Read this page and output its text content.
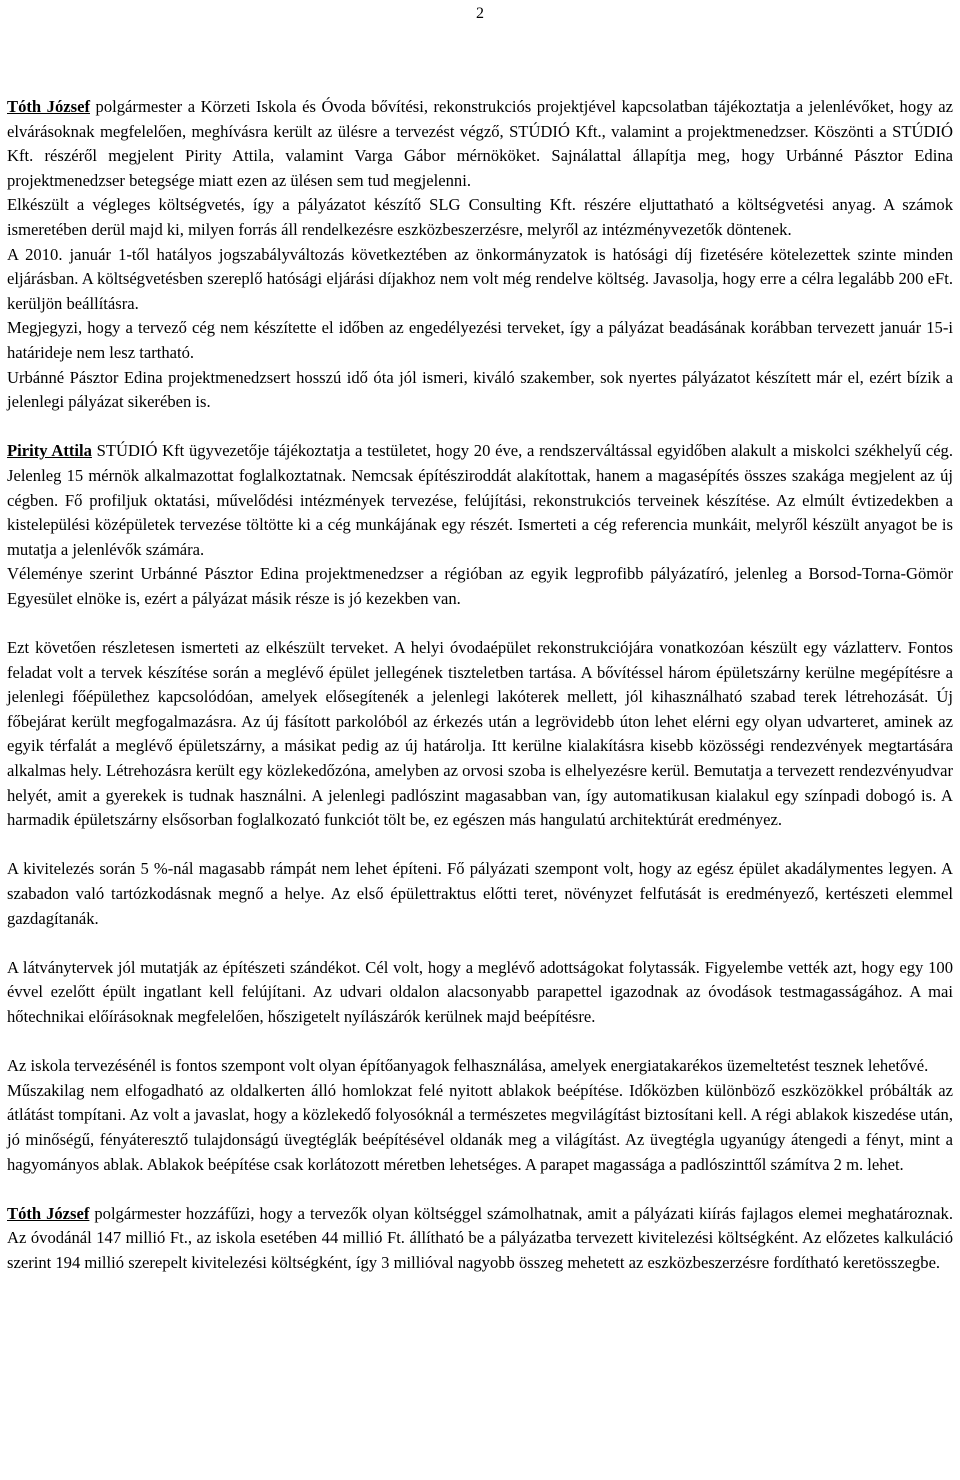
2

Tóth József polgármester a Körzeti Iskola és Óvoda bővítési, rekonstrukciós projektjével kapcsolatban tájékoztatja a jelenlévőket, hogy az elvárásoknak megfelelően, meghívásra került az ülésre a tervezést végző, STÚDIÓ Kft., valamint a projektmenedzser. Köszönti a STÚDIÓ Kft. részéről megjelent Pirity Attila, valamint Varga Gábor mérnököket. Sajnálattal állapítja meg, hogy Urbánné Pásztor Edina projektmenedzser betegsége miatt ezen az ülésen sem tud megjelenni.

Elkészült a végleges költségvetés, így a pályázatot készítő SLG Consulting Kft. részére eljuttatható a költségvetési anyag. A számok ismeretében derül majd ki, milyen forrás áll rendelkezésre eszközbeszerzésre, melyről az intézményvezetők döntenek.

A 2010. január 1-től hatályos jogszabályváltozás következtében az önkormányzatok is hatósági díj fizetésére kötelezettek szinte minden eljárásban. A költségvetésben szereplő hatósági eljárási díjakhoz nem volt még rendelve költség. Javasolja, hogy erre a célra legalább 200 eFt. kerüljön beállításra.

Megjegyzi, hogy a tervező cég nem készítette el időben az engedélyezési terveket, így a pályázat beadásának korábban tervezett január 15-i határideje nem lesz tartható.

Urbánné Pásztor Edina projektmenedzsert hosszú idő óta jól ismeri, kiváló szakember, sok nyertes pályázatot készített már el, ezért bízik a jelenlegi pályázat sikerében is.

Pirity Attila STÚDIÓ Kft ügyvezetője tájékoztatja a testületet, hogy 20 éve, a rendszerváltással egyidőben alakult a miskolci székhelyű cég. Jelenleg 15 mérnök alkalmazottat foglalkoztatnak. Nemcsak építésziroddát alakítottak, hanem a magasépítés összes szakága megjelent az új cégben. Fő profiljuk oktatási, művelődési intézmények tervezése, felújítási, rekonstrukciós terveinek készítése. Az elmúlt évtizedekben a kistelepülési középületek tervezése töltötte ki a cég munkájának egy részét. Ismerteti a cég referencia munkáit, melyről készült anyagot be is mutatja a jelenlévők számára.

Véleménye szerint Urbánné Pásztor Edina projektmenedzser a régióban az egyik legprofibb pályázatíró, jelenleg a Borsod-Torna-Gömör Egyesület elnöke is, ezért a pályázat másik része is jó kezekben van.

Ezt követően részletesen ismerteti az elkészült terveket. A helyi óvodaépület rekonstrukciójára vonatkozóan készült egy vázlatterv. Fontos feladat volt a tervek készítése során a meglévő épület jellegének tiszteletben tartása. A bővítéssel három épületszárny kerülne megépítésre a jelenlegi főépülethez kapcsolódóan, amelyek elősegítenék a jelenlegi lakóterek mellett, jól kihasználható szabad terek létrehozását. Új főbejárat került megfogalmazásra. Az új fásított parkolóból az érkezés után a legrövidebb úton lehet elérni egy olyan udvarteret, aminek az egyik térfalát a meglévő épületszárny, a másikat pedig az új határolja. Itt kerülne kialakításra kisebb közösségi rendezvények megtartására alkalmas hely. Létrehozásra került egy közlekedőzóna, amelyben az orvosi szoba is elhelyezésre kerül. Bemutatja a tervezett rendezvényudvar helyét, amit a gyerekek is tudnak használni. A jelenlegi padlószint magasabban van, így automatikusan kialakul egy színpadi dobogó is. A harmadik épületszárny elsősorban foglalkozató funkciót tölt be, ez egészen más hangulatú architektúrát eredményez.

A kivitelezés során 5 %-nál magasabb rámpát nem lehet építeni. Fő pályázati szempont volt, hogy az egész épület akadálymentes legyen. A szabadon való tartózkodásnak megnő a helye. Az első épülettraktus előtti teret, növényzet felfutását is eredményező, kertészeti elemmel gazdagítanák.

A látványtervek jól mutatják az építészeti szándékot. Cél volt, hogy a meglévő adottságokat folytassák. Figyelembe vették azt, hogy egy 100 évvel ezelőtt épült ingatlant kell felújítani. Az udvari oldalon alacsonyabb parapettel igazodnak az óvodások testmagasságához. A mai hőtechnikai előírásoknak megfelelően, hőszigetelt nyílászárók kerülnek majd beépítésre.

Az iskola tervezésénél is fontos szempont volt olyan építőanyagok felhasználása, amelyek energiatakarékos üzemeltetést tesznek lehetővé.

Műszakilag nem elfogadható az oldalkerten álló homlokzat felé nyitott ablakok beépítése. Időközben különböző eszközökkel próbálták az átlátást tompítani. Az volt a javaslat, hogy a közlekedő folyosóknál a természetes megvilágítást biztosítani kell. A régi ablakok kiszedése után, jó minőségű, fényáteresztő tulajdonságú üvegtéglák beépítésével oldanák meg a világítást. Az üvegtégla ugyanúgy átengedi a fényt, mint a hagyományos ablak. Ablakok beépítése csak korlátozott méretben lehetséges. A parapet magassága a padlószinttől számítva 2 m. lehet.

Tóth József polgármester hozzáfűzi, hogy a tervezők olyan költséggel számolhatnak, amit a pályázati kiírás fajlagos elemei meghatároznak. Az óvodánál 147 millió Ft., az iskola esetében 44 millió Ft. állítható be a pályázatba tervezett kivitelezési költségként. Az előzetes kalkuláció szerint 194 millió szerepelt kivitelezési költségként, így 3 millióval nagyobb összeg mehetett az eszközbeszerzésre fordítható keretösszegbe.
